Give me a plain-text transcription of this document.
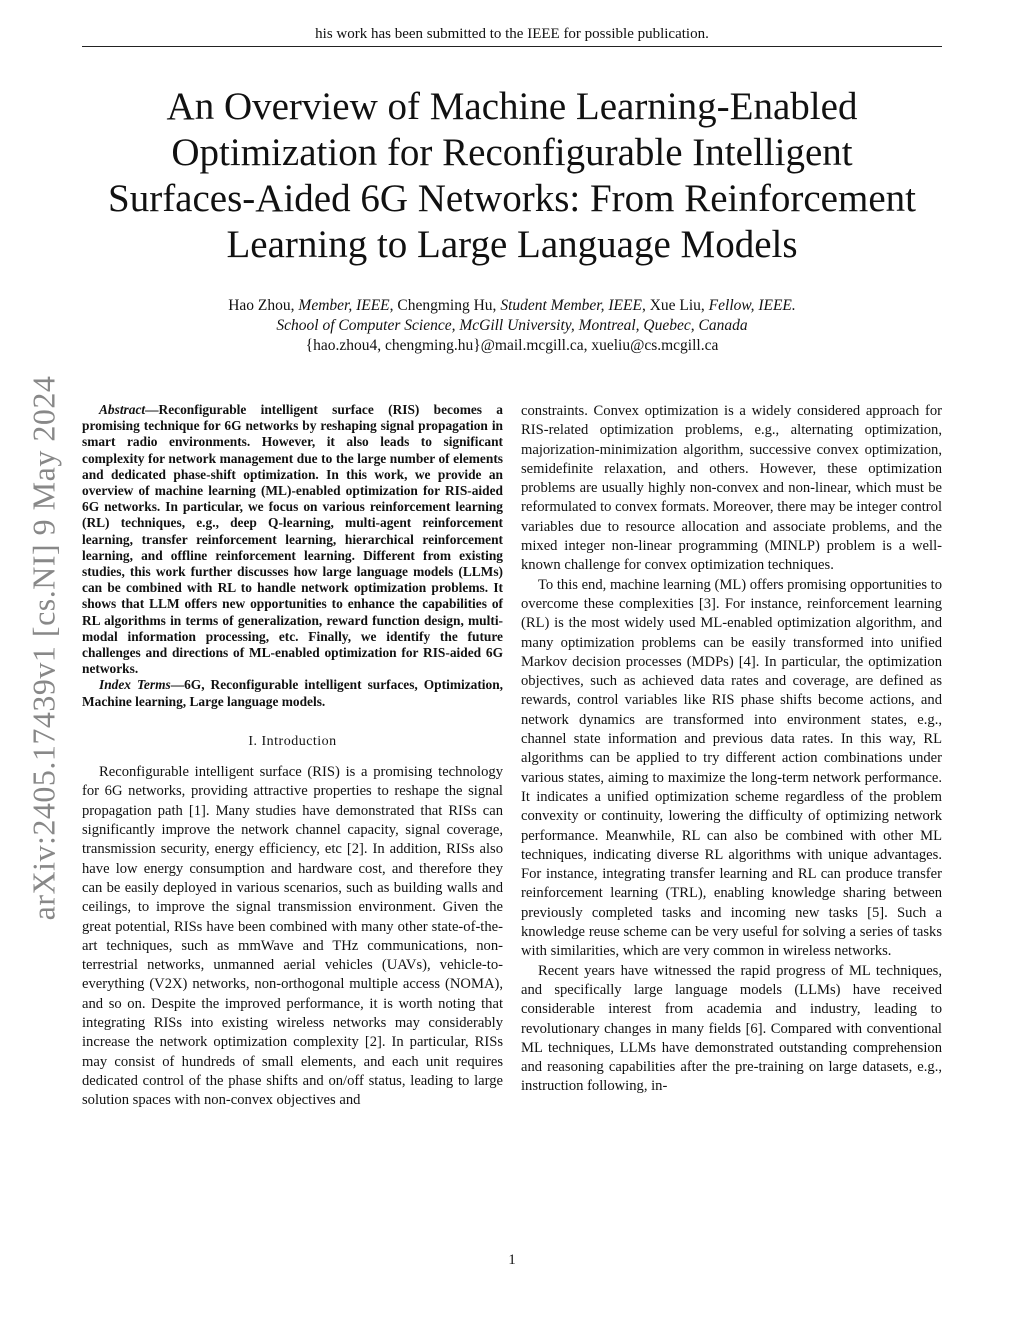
his work has been submitted to the IEEE for possible publication.
An Overview of Machine Learning-Enabled
Optimization for Reconfigurable Intelligent
Surfaces-Aided 6G Networks: From Reinforcement
Learning to Large Language Models
Hao Zhou, Member, IEEE, Chengming Hu, Student Member, IEEE, Xue Liu, Fellow, IEEE.
School of Computer Science, McGill University, Montreal, Quebec, Canada
{hao.zhou4, chengming.hu}@mail.mcgill.ca, xueliu@cs.mcgill.ca
arXiv:2405.17439v1 [cs.NI] 9 May 2024	Abstract—Reconfigurable intelligent surface (RIS) becomes a promising technique for 6G networks by reshaping signal propagation in smart radio environments. However, it also leads to significant complexity for network management due to the large number of elements and dedicated phase-shift optimization. In this work, we provide an overview of machine learning (ML)-enabled optimization for RIS-aided 6G networks. In particular, we focus on various reinforcement learning (RL) techniques, e.g., deep Q-learning, multi-agent reinforcement learning, transfer reinforcement learning, hierarchical reinforcement learning, and offline reinforcement learning. Different from existing studies, this work further discusses how large language models (LLMs) can be combined with RL to handle network optimization problems. It shows that LLM offers new opportunities to enhance the capabilities of RL algorithms in terms of generalization, reward function design, multi-modal information processing, etc. Finally, we identify the future challenges and directions of ML-enabled optimization for RIS-aided 6G networks.

Index Terms—6G, Reconfigurable intelligent surfaces, Optimization, Machine learning, Large language models.

I. Introduction

Reconfigurable intelligent surface (RIS) is a promising technology for 6G networks, providing attractive properties to reshape the signal propagation path [1]. Many studies have demonstrated that RISs can significantly improve the network channel capacity, signal coverage, transmission security, energy efficiency, etc [2]. In addition, RISs also have low energy consumption and hardware cost, and therefore they can be easily deployed in various scenarios, such as building walls and ceilings, to improve the signal transmission environment. Given the great potential, RISs have been combined with many other state-of-the-art techniques, such as mmWave and THz communications, non-terrestrial networks, unmanned aerial vehicles (UAVs), vehicle-to-everything (V2X) networks, non-orthogonal multiple access (NOMA), and so on. Despite the improved performance, it is worth noting that integrating RISs into existing wireless networks may considerably increase the network optimization complexity [2]. In particular, RISs may consist of hundreds of small elements, and each unit requires dedicated control of the phase shifts and on/off status, leading to large solution spaces with non-convex objectives and

constraints. Convex optimization is a widely considered approach for RIS-related optimization problems, e.g., alternating optimization, majorization-minimization algorithm, successive convex optimization, semidefinite relaxation, and others. However, these optimization problems are usually highly non-convex and non-linear, which must be reformulated to convex formats. Moreover, there may be integer control variables due to resource allocation and associate problems, and the mixed integer non-linear programming (MINLP) problem is a well-known challenge for convex optimization techniques.

To this end, machine learning (ML) offers promising opportunities to overcome these complexities [3]. For instance, reinforcement learning (RL) is the most widely used ML-enabled optimization algorithm, and many optimization problems can be easily transformed into unified Markov decision processes (MDPs) [4]. In particular, the optimization objectives, such as achieved data rates and coverage, are defined as rewards, control variables like RIS phase shifts become actions, and network dynamics are transformed into environment states, e.g., channel state information and previous data rates. In this way, RL algorithms can be applied to try different action combinations under various states, aiming to maximize the long-term network performance. It indicates a unified optimization scheme regardless of the problem convexity or continuity, lowering the difficulty of optimizing network performance. Meanwhile, RL can also be combined with other ML techniques, indicating diverse RL algorithms with unique advantages. For instance, integrating transfer learning and RL can produce transfer reinforcement learning (TRL), enabling knowledge sharing between previously completed tasks and incoming new tasks [5]. Such a knowledge reuse scheme can be very useful for solving a series of tasks with similarities, which are very common in wireless networks.

Recent years have witnessed the rapid progress of ML techniques, and specifically large language models (LLMs) have received considerable interest from academia and industry, leading to revolutionary changes in many fields [6]. Compared with conventional ML techniques, LLMs have demonstrated outstanding comprehension and reasoning capabilities after the pre-training on large datasets, e.g., instruction following, in-

1
